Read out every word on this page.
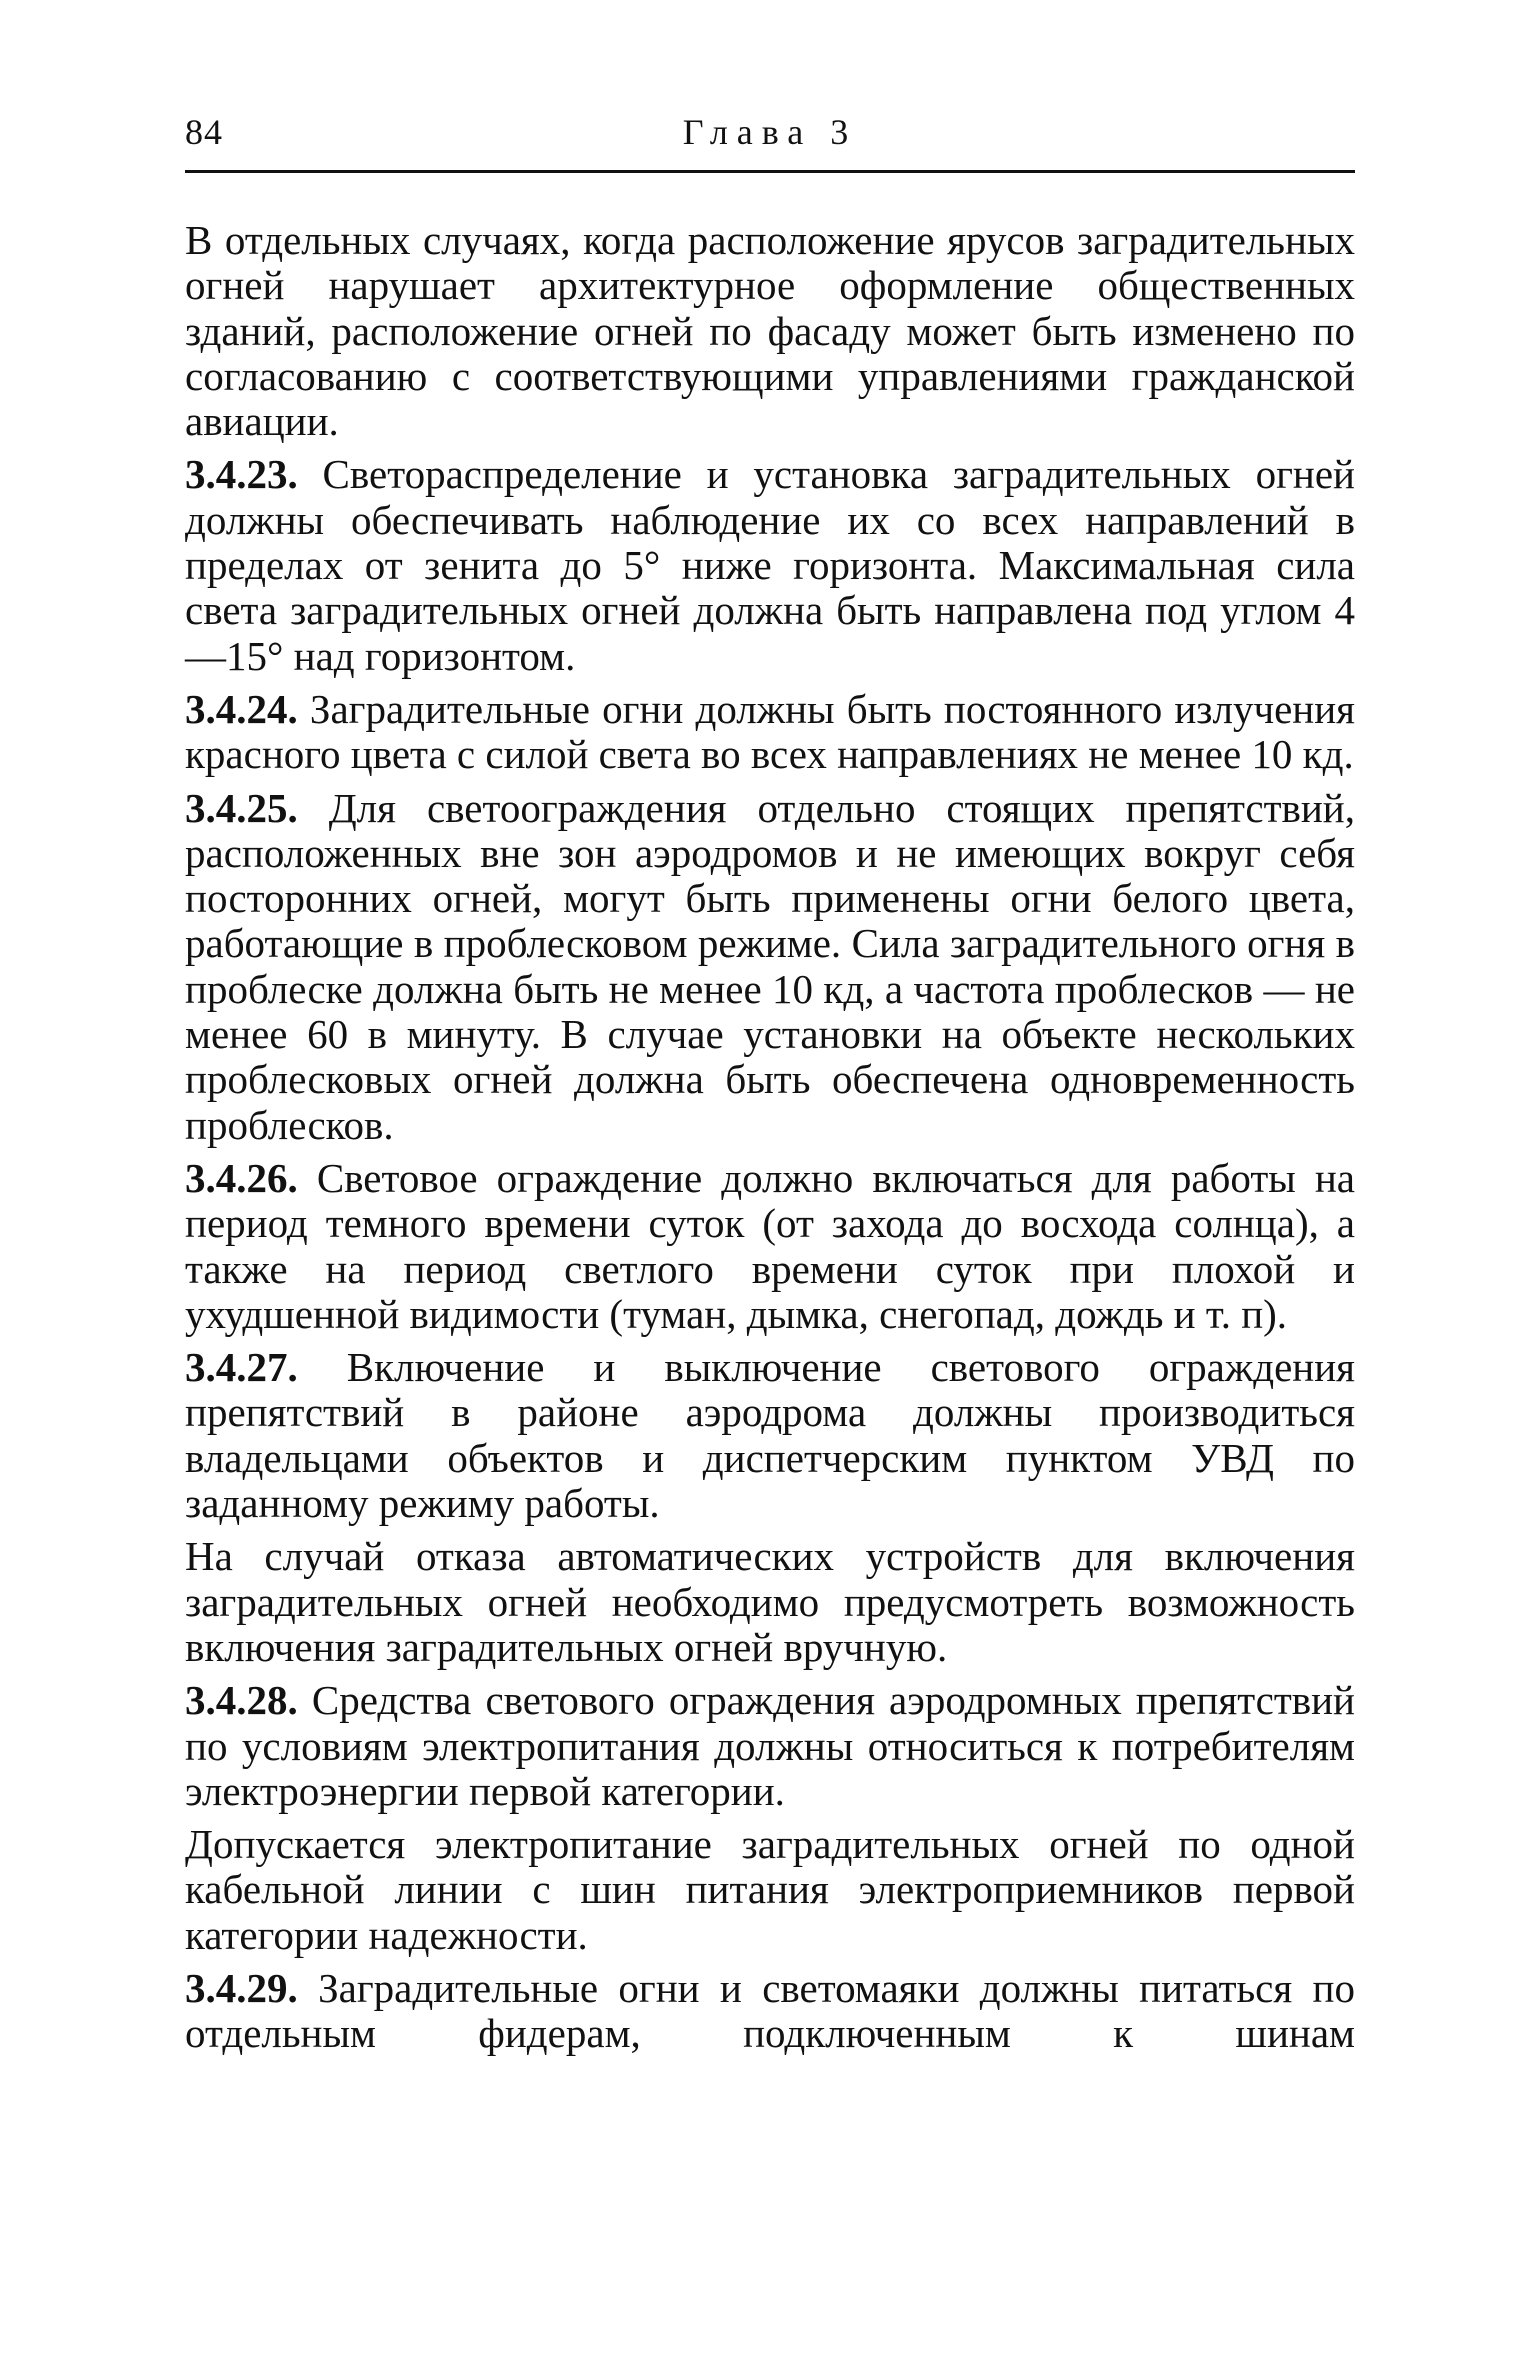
84	Глава 3

В отдельных случаях, когда расположение ярусов заградительных огней нарушает архитектурное оформление общественных зданий, расположение огней по фасаду может быть изменено по согласованию с соответствующими управлениями гражданской авиации.

3.4.23. Светораспределение и установка заградительных огней должны обеспечивать наблюдение их со всех направлений в пределах от зенита до 5° ниже горизонта. Максимальная сила света заградительных огней должна быть направлена под углом 4—15° над горизонтом.

3.4.24. Заградительные огни должны быть постоянного излучения красного цвета с силой света во всех направлениях не менее 10 кд.

3.4.25. Для светоограждения отдельно стоящих препятствий, расположенных вне зон аэродромов и не имеющих вокруг себя посторонних огней, могут быть применены огни белого цвета, работающие в проблесковом режиме. Сила заградительного огня в проблеске должна быть не менее 10 кд, а частота проблесков — не менее 60 в минуту. В случае установки на объекте нескольких проблесковых огней должна быть обеспечена одновременность проблесков.

3.4.26. Световое ограждение должно включаться для работы на период темного времени суток (от захода до восхода солнца), а также на период светлого времени суток при плохой и ухудшенной видимости (туман, дымка, снегопад, дождь и т. п).

3.4.27. Включение и выключение светового ограждения препятствий в районе аэродрома должны производиться владельцами объектов и диспетчерским пунктом УВД по заданному режиму работы.

На случай отказа автоматических устройств для включения заградительных огней необходимо предусмотреть возможность включения заградительных огней вручную.

3.4.28. Средства светового ограждения аэродромных препятствий по условиям электропитания должны относиться к потребителям электроэнергии первой категории.

Допускается электропитание заградительных огней по одной кабельной линии с шин питания электроприемников первой категории надежности.

3.4.29. Заградительные огни и светомаяки должны питаться по отдельным фидерам, подключенным к шинам
